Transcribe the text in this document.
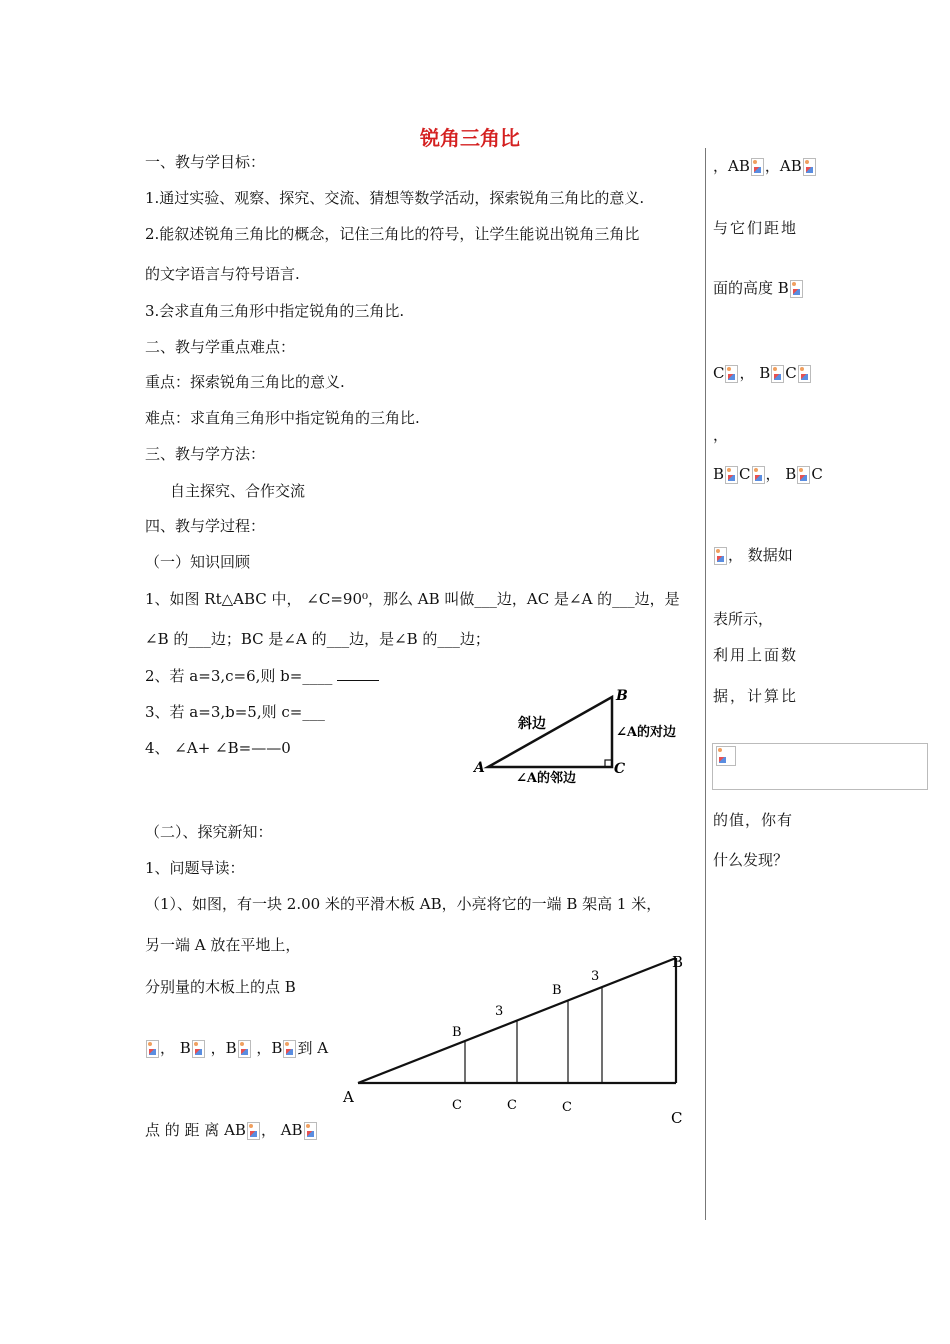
锐角三角比
一、教与学目标：
1.通过实验、观察、探究、交流、猜想等数学活动，探索锐角三角比的意义.
2.能叙述锐角三角比的概念，记住三角比的符号，让学生能说出锐角三角比
的文字语言与符号语言.
3.会求直角三角形中指定锐角的三角比.
二、教与学重点难点：
重点：探索锐角三角比的意义.
难点：求直角三角形中指定锐角的三角比.
三、教与学方法：
自主探究、合作交流
四、教与学过程：
（一）知识回顾
1、如图 Rt△ABC 中， ∠C=90⁰，那么 AB 叫做___边，AC 是∠A 的___边，是
∠B 的___边；BC 是∠A 的___边，是∠B 的___边；
2、若 a=3,c=6,则 b=____
3、若 a=3,b=5,则 c=___
4、 ∠A+ ∠B=——0
B
A	C
斜边
∠A的对边
∠A的邻边
（二）、探究新知：
1、问题导读：
（1）、如图，有一块 2.00 米的平滑木板 AB，小亮将它的一端 B 架高 1 米，
另一端 A 放在平地上，
分别量的木板上的点 B
， B ，B ，B 到 A
点 的 距 离 AB ， AB
A
B
C
B
3
B
3
C	C	C
，AB ，AB
与它们距地
面的高度 B
C ， B C
，
B C ， B C
， 数据如
表所示，
利用上面数
据，计算比
的值，你有
什么发现？
